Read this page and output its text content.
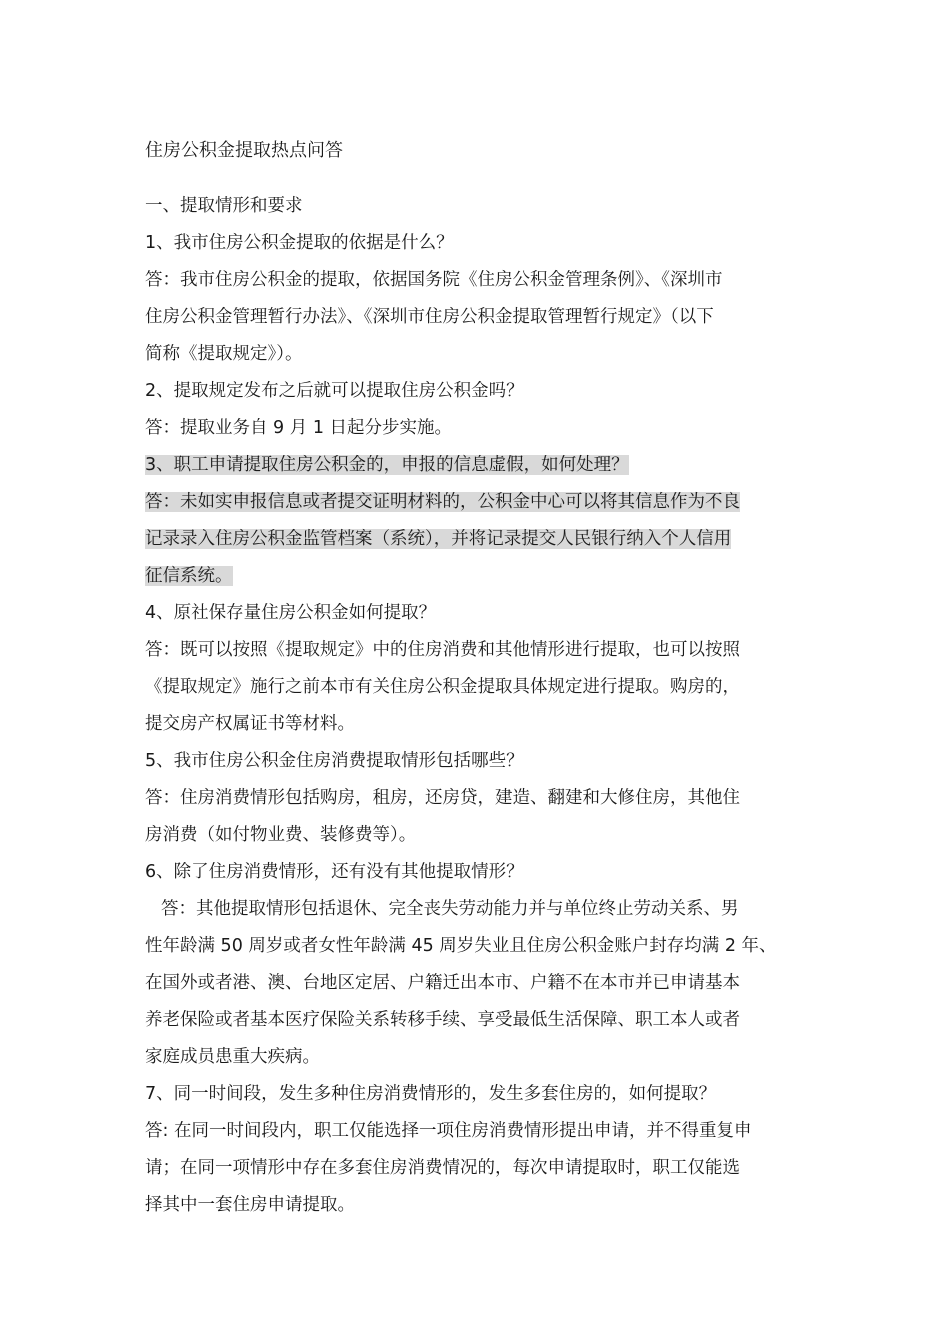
住房公积金提取热点问答

一、提取情形和要求

1、我市住房公积金提取的依据是什么？

答：我市住房公积金的提取，依据国务院《住房公积金管理条例》、《深圳市

住房公积金管理暂行办法》、《深圳市住房公积金提取管理暂行规定》（以下

简称《提取规定》）。

2、提取规定发布之后就可以提取住房公积金吗？

答：提取业务自 9 月 1 日起分步实施。

3、职工申请提取住房公积金的，申报的信息虚假，如何处理？

答：未如实申报信息或者提交证明材料的，公积金中心可以将其信息作为不良

记录录入住房公积金监管档案（系统），并将记录提交人民银行纳入个人信用

征信系统。

4、原社保存量住房公积金如何提取？

答：既可以按照《提取规定》中的住房消费和其他情形进行提取，也可以按照

《提取规定》施行之前本市有关住房公积金提取具体规定进行提取。购房的，

提交房产权属证书等材料。

5、我市住房公积金住房消费提取情形包括哪些？

答：住房消费情形包括购房，租房，还房贷，建造、翻建和大修住房，其他住

房消费（如付物业费、装修费等）。

6、除了住房消费情形，还有没有其他提取情形？

答：其他提取情形包括退休、完全丧失劳动能力并与单位终止劳动关系、男

性年龄满 50 周岁或者女性年龄满 45 周岁失业且住房公积金账户封存均满 2 年、

在国外或者港、澳、台地区定居、户籍迁出本市、户籍不在本市并已申请基本

养老保险或者基本医疗保险关系转移手续、享受最低生活保障、职工本人或者

家庭成员患重大疾病。

7、同一时间段，发生多种住房消费情形的，发生多套住房的，如何提取？

答: 在同一时间段内，职工仅能选择一项住房消费情形提出申请，并不得重复申

请；在同一项情形中存在多套住房消费情况的，每次申请提取时，职工仅能选

择其中一套住房申请提取。
